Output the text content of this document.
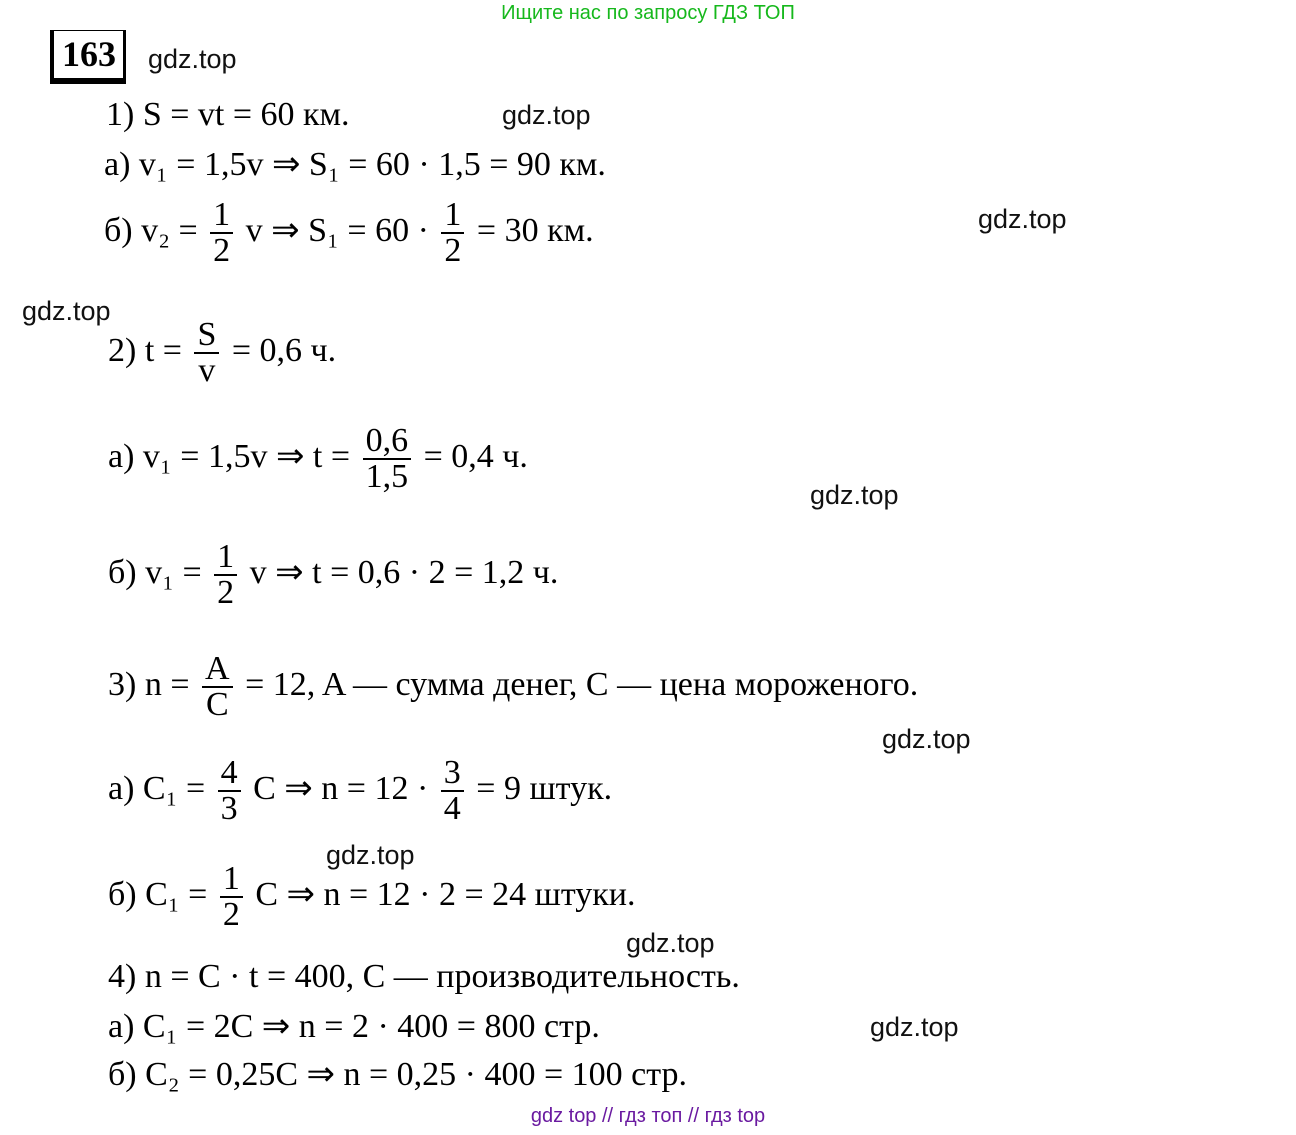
Ищите нас по запросу ГДЗ ТОП
163 gdz.top
gdz.top
gdz.top
gdz.top
gdz.top
gdz.top
gdz.top
gdz.top
gdz.top
1) S = vt = 60 км.
а) v₁ = 1,5v ⇒ S₁ = 60 · 1,5 = 90 км.
б) $v_2 = \frac{1}{2}$ v ⇒ $S_1 = 60 \cdot \frac{1}{2} = 30$ км.
2) $t = \frac{S}{v} = 0,6$ ч.
а) v₁ = 1,5v ⇒ $t = \frac{0,6}{1,5} = 0,4$ ч.
б) $v_1 = \frac{1}{2}$ v ⇒ t = 0,6 · 2 = 1,2 ч.
3) $n = \frac{A}{C} = 12$, A — сумма денег, C — цена мороженого.
а) $C_1 = \frac{4}{3}$ C ⇒ $n = 12 \cdot \frac{3}{4} = 9$ штук.
б) $C_1 = \frac{1}{2}$ C ⇒ n = 12 · 2 = 24 штуки.
4) n = C · t = 400, C — производительность.
а) C₁ = 2C ⇒ n = 2 · 400 = 800 стр.
б) C₂ = 0,25C ⇒ n = 0,25 · 400 = 100 стр.
gdz top // гдз топ // гдз top
